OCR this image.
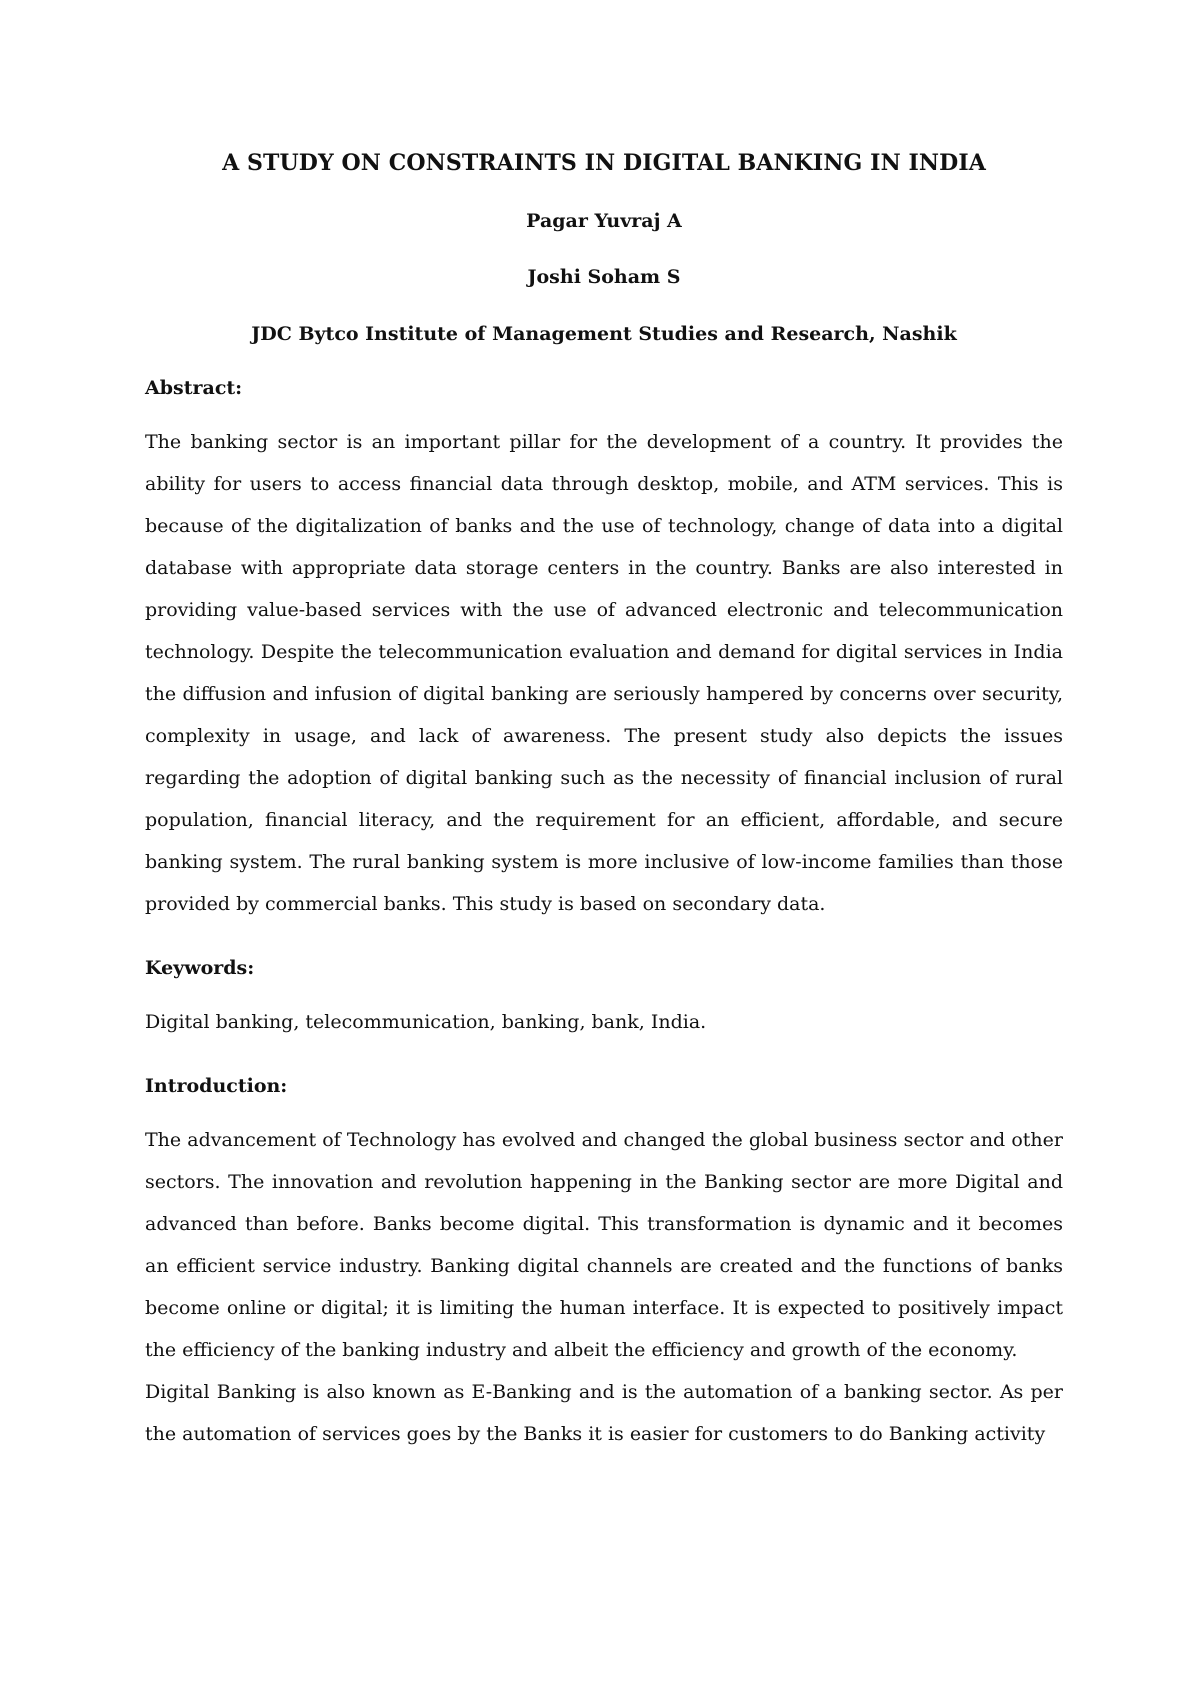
A STUDY ON CONSTRAINTS IN DIGITAL BANKING IN INDIA
Pagar Yuvraj A
Joshi Soham S
JDC Bytco Institute of Management Studies and Research, Nashik
Abstract:
The banking sector is an important pillar for the development of a country. It provides the ability for users to access financial data through desktop, mobile, and ATM services. This is because of the digitalization of banks and the use of technology, change of data into a digital database with appropriate data storage centers in the country. Banks are also interested in providing value-based services with the use of advanced electronic and telecommunication technology. Despite the telecommunication evaluation and demand for digital services in India the diffusion and infusion of digital banking are seriously hampered by concerns over security, complexity in usage, and lack of awareness. The present study also depicts the issues regarding the adoption of digital banking such as the necessity of financial inclusion of rural population, financial literacy, and the requirement for an efficient, affordable, and secure banking system. The rural banking system is more inclusive of low-income families than those provided by commercial banks. This study is based on secondary data.
Keywords:
Digital banking, telecommunication, banking, bank, India.
Introduction:
The advancement of Technology has evolved and changed the global business sector and other sectors. The innovation and revolution happening in the Banking sector are more Digital and advanced than before. Banks become digital. This transformation is dynamic and it becomes an efficient service industry. Banking digital channels are created and the functions of banks become online or digital; it is limiting the human interface. It is expected to positively impact the efficiency of the banking industry and albeit the efficiency and growth of the economy.
Digital Banking is also known as E-Banking and is the automation of a banking sector. As per the automation of services goes by the Banks it is easier for customers to do Banking activity
